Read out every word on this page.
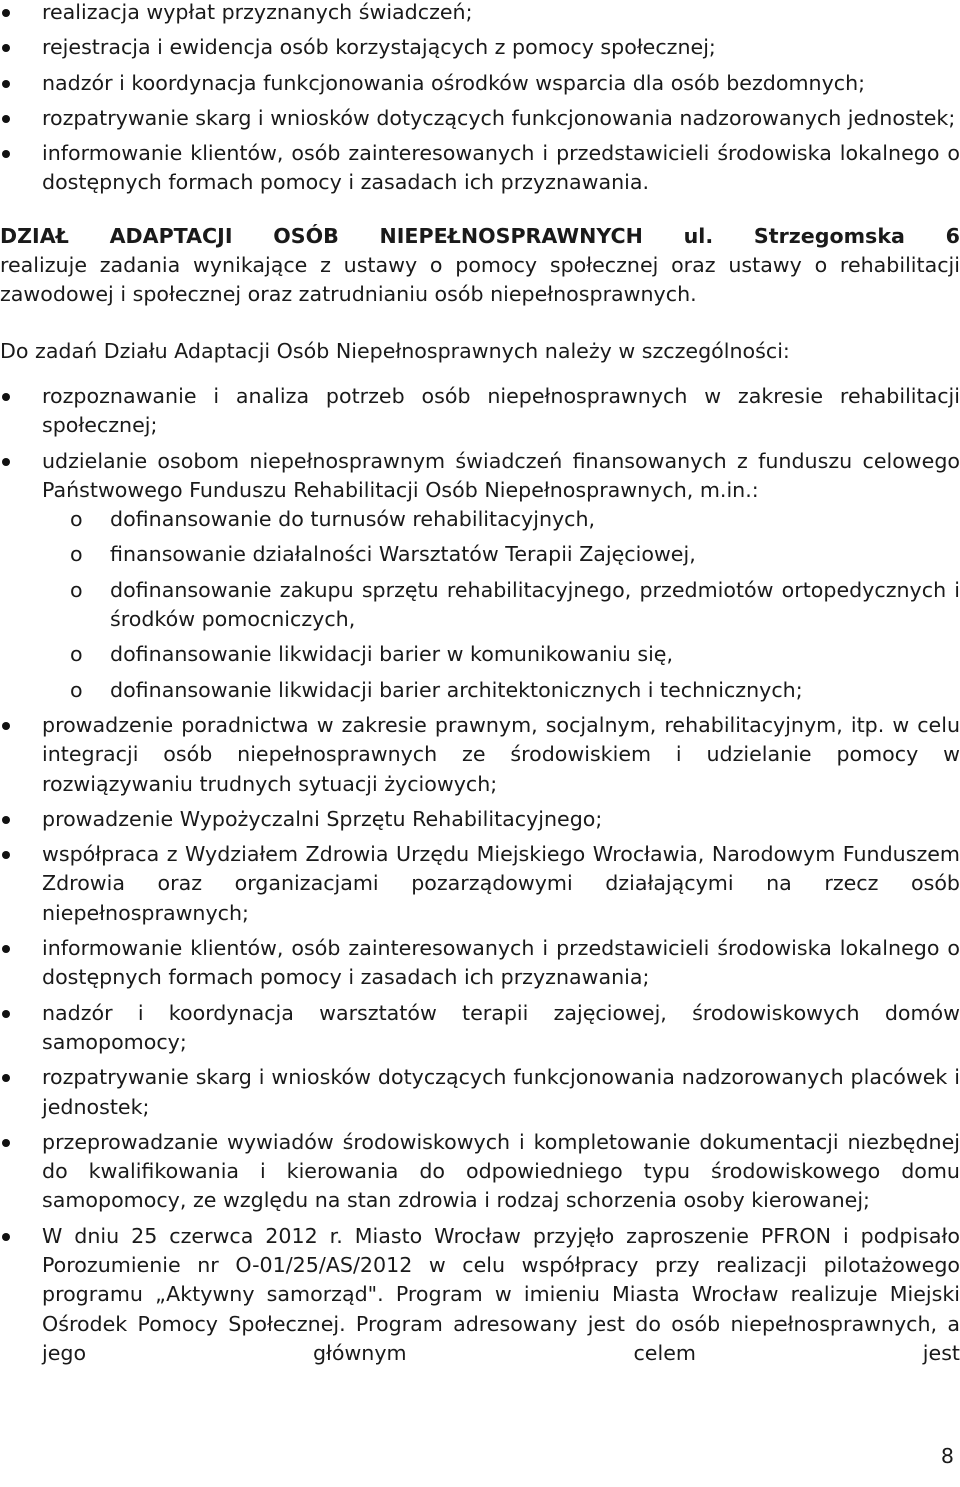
realizacja wypłat przyznanych świadczeń;
rejestracja i ewidencja osób korzystających z pomocy społecznej;
nadzór i koordynacja funkcjonowania ośrodków wsparcia dla osób bezdomnych;
rozpatrywanie skarg i wniosków dotyczących funkcjonowania nadzorowanych jednostek;
informowanie klientów, osób zainteresowanych i przedstawicieli środowiska lokalnego o dostępnych formach pomocy i zasadach ich przyznawania.

DZIAŁ ADAPTACJI OSÓB NIEPEŁNOSPRAWNYCH ul. Strzegomska 6

realizuje zadania wynikające z ustawy o pomocy społecznej oraz ustawy o rehabilitacji zawodowej i społecznej oraz zatrudnianiu osób niepełnosprawnych.

Do zadań Działu Adaptacji Osób Niepełnosprawnych należy w szczególności:

rozpoznawanie i analiza potrzeb osób niepełnosprawnych w zakresie rehabilitacji społecznej;
udzielanie osobom niepełnosprawnym świadczeń finansowanych z funduszu celowego Państwowego Funduszu Rehabilitacji Osób Niepełnosprawnych, m.in.:
o dofinansowanie do turnusów rehabilitacyjnych,
o finansowanie działalności Warsztatów Terapii Zajęciowej,
o dofinansowanie zakupu sprzętu rehabilitacyjnego, przedmiotów ortopedycznych i środków pomocniczych,
o dofinansowanie likwidacji barier w komunikowaniu się,
o dofinansowanie likwidacji barier architektonicznych i technicznych;
prowadzenie poradnictwa w zakresie prawnym, socjalnym, rehabilitacyjnym, itp. w celu integracji osób niepełnosprawnych ze środowiskiem i udzielanie pomocy w rozwiązywaniu trudnych sytuacji życiowych;
prowadzenie Wypożyczalni Sprzętu Rehabilitacyjnego;
współpraca z Wydziałem Zdrowia Urzędu Miejskiego Wrocławia, Narodowym Funduszem Zdrowia oraz organizacjami pozarządowymi działającymi na rzecz osób niepełnosprawnych;
informowanie klientów, osób zainteresowanych i przedstawicieli środowiska lokalnego o dostępnych formach pomocy i zasadach ich przyznawania;
nadzór i koordynacja warsztatów terapii zajęciowej, środowiskowych domów samopomocy;
rozpatrywanie skarg i wniosków dotyczących funkcjonowania nadzorowanych placówek i jednostek;
przeprowadzanie wywiadów środowiskowych i kompletowanie dokumentacji niezbędnej do kwalifikowania i kierowania do odpowiedniego typu środowiskowego domu samopomocy, ze względu na stan zdrowia i rodzaj schorzenia osoby kierowanej;
W dniu 25 czerwca 2012 r. Miasto Wrocław przyjęło zaproszenie PFRON i podpisało Porozumienie nr O-01/25/AS/2012 w celu współpracy przy realizacji pilotażowego programu „Aktywny samorząd". Program w imieniu Miasta Wrocław realizuje Miejski Ośrodek Pomocy Społecznej. Program adresowany jest do osób niepełnosprawnych, a jego głównym celem jest
8
